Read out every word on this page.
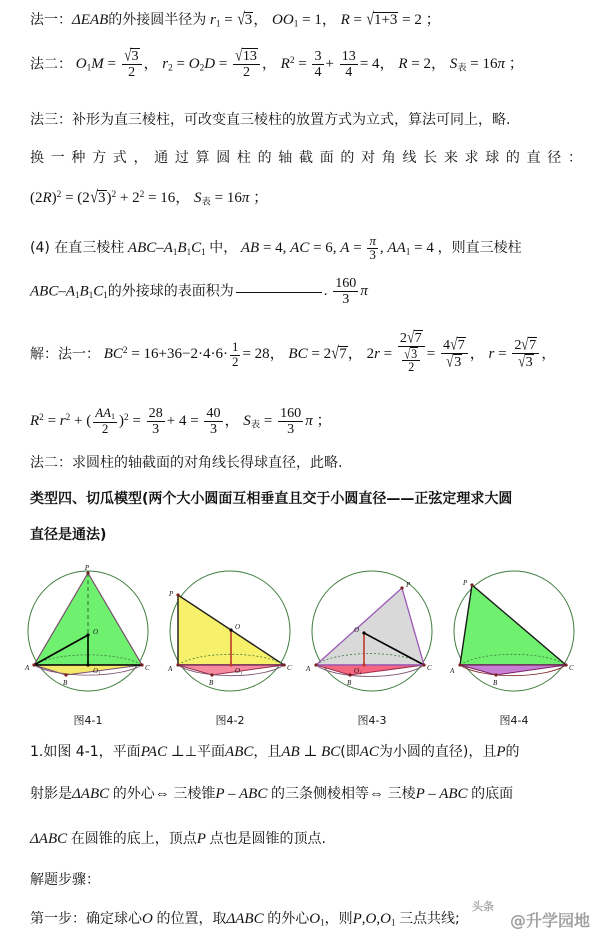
法一：ΔEAB的外接圆半径为 $r_1 = √3$， $OO_1 = 1$， R = √1+3 = 2 ；
法二： $O_1M = \frac{√3}{2}$ ， $r_2 = O_2D = \frac{√13}{2}$ ， $R^2 = \frac{3}{4} + \frac{13}{4} = 4$， R = 2， $S_表 = 16\pi$ ；
法三：补形为直三棱柱，可改变直三棱柱的放置方式为立式，算法可同上，略.
换一种方式，通过算圆柱的轴截面的对角线长来求球的直径：
$(2R)^2 = (2√3)^2 + 2^2 = 16$， $S_表 = 16\pi$ ；
(4) 在直三棱柱 ABC–$A_1B_1C_1$ 中， AB = 4, AC = 6, $A = \frac{\pi}{3}$ , $AA_1 = 4$ ，则直三棱柱
ABC–$A_1B_1C_1$的外接球的表面积为	. $\frac{160}{3}$ π
解：法一： $BC^2 = 16+36-2\cdot 4\cdot 6\cdot \frac{1}{2} = 28$， BC = 2√7， $2r = \frac{2√7}{\frac{√3}{2}} = \frac{4√7}{√3}$ ， $r = \frac{2√7}{√3}$ ，
$R^2 = r^2$ + ( $\frac{AA_1}{2} )^2 = \frac{28}{3} + 4 = \frac{40}{3}$ ， $S_表 = \frac{160}{3}$ π ；
法二：求圆柱的轴截面的对角线长得球直径，此略.
类型四、切瓜模型(两个大小圆面互相垂直且交于小圆直径——正弦定理求大圆
直径是通法)
P
O
O₁
A
B
C
图4-1
P
O
O₁
A
B
C
图4-2
P
O
O₁
A
B
C
图4-3
P
A
B
C
图4-4
1.如图 4-1，平面PAC ⊥⊥平面ABC，且AB ⊥ BC(即AC为小圆的直径)，且P的
射影是ΔABC 的外心⇔ 三棱锥P – ABC 的三条侧棱相等⇔ 三棱P – ABC 的底面
ΔABC 在圆锥的底上，顶点P 点也是圆锥的顶点.
解题步骤：
第一步：确定球心O 的位置，取ΔABC 的外心$O_1$，则$P,O,O_1$ 三点共线;
头条
@升学园地
